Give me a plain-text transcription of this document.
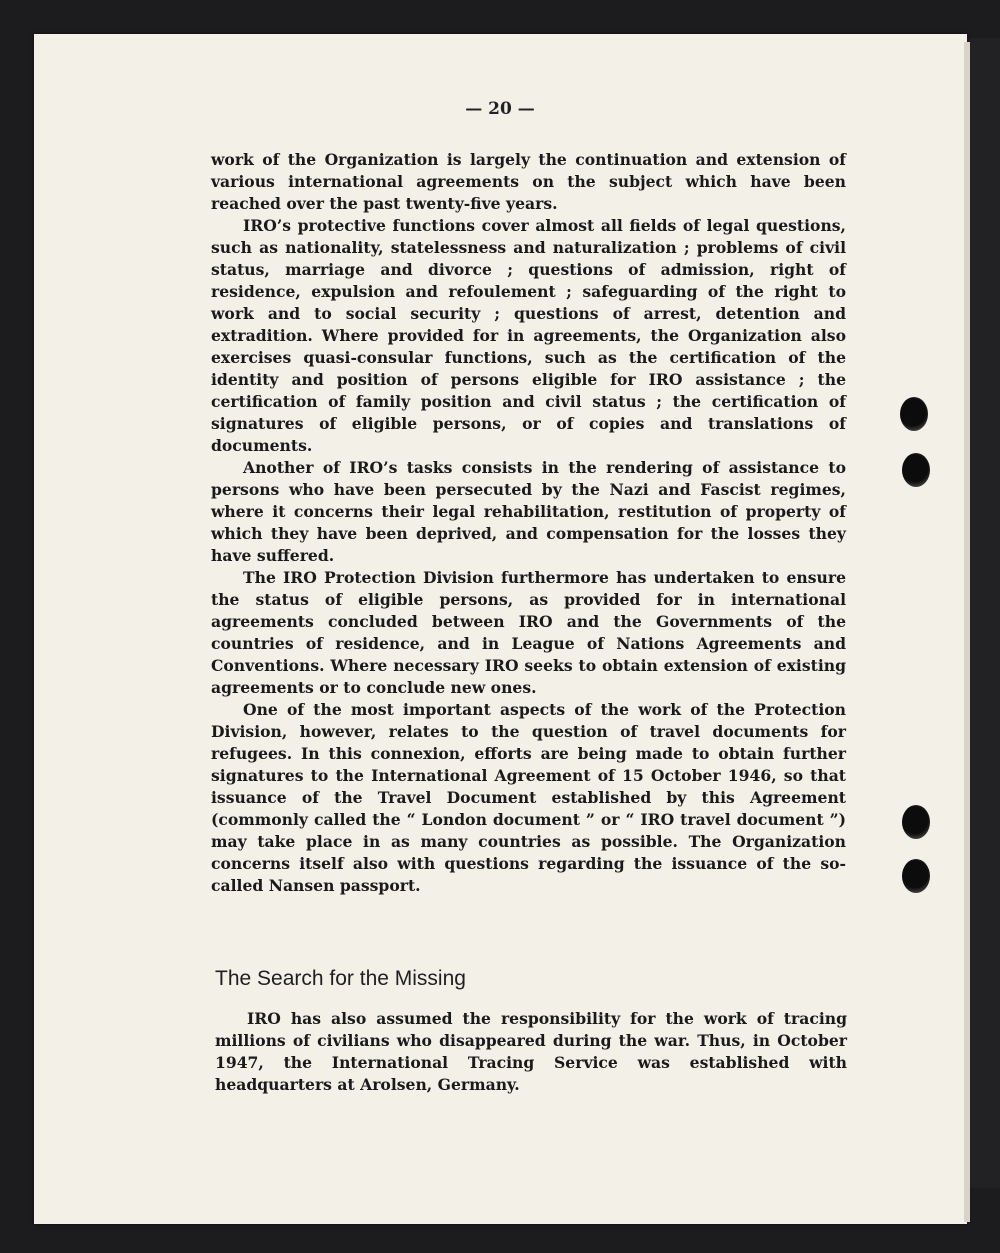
— 20 —

work of the Organization is largely the continuation and extension of various international agreements on the subject which have been reached over the past twenty-five years.

IRO’s protective functions cover almost all fields of legal questions, such as nationality, statelessness and naturalization ; problems of civil status, marriage and divorce ; questions of admission, right of residence, expulsion and refoulement ; safeguarding of the right to work and to social security ; questions of arrest, detention and extradition. Where provided for in agreements, the Organization also exercises quasi-consular functions, such as the certification of the identity and position of persons eligible for IRO assistance ; the certification of family position and civil status ; the certification of signatures of eligible persons, or of copies and translations of documents.

Another of IRO’s tasks consists in the rendering of assistance to persons who have been persecuted by the Nazi and Fascist regimes, where it concerns their legal rehabilitation, restitution of property of which they have been deprived, and compensation for the losses they have suffered.

The IRO Protection Division furthermore has undertaken to ensure the status of eligible persons, as provided for in international agreements concluded between IRO and the Governments of the countries of residence, and in League of Nations Agreements and Conventions. Where necessary IRO seeks to obtain extension of existing agreements or to conclude new ones.

One of the most important aspects of the work of the Protection Division, however, relates to the question of travel documents for refugees. In this connexion, efforts are being made to obtain further signatures to the International Agreement of 15 October 1946, so that issuance of the Travel Document established by this Agreement (commonly called the “ London document ” or “ IRO travel document ”) may take place in as many countries as possible. The Organization concerns itself also with questions regarding the issuance of the so-called Nansen passport.

The Search for the Missing

IRO has also assumed the responsibility for the work of tracing millions of civilians who disappeared during the war. Thus, in October 1947, the International Tracing Service was established with headquarters at Arolsen, Germany.
